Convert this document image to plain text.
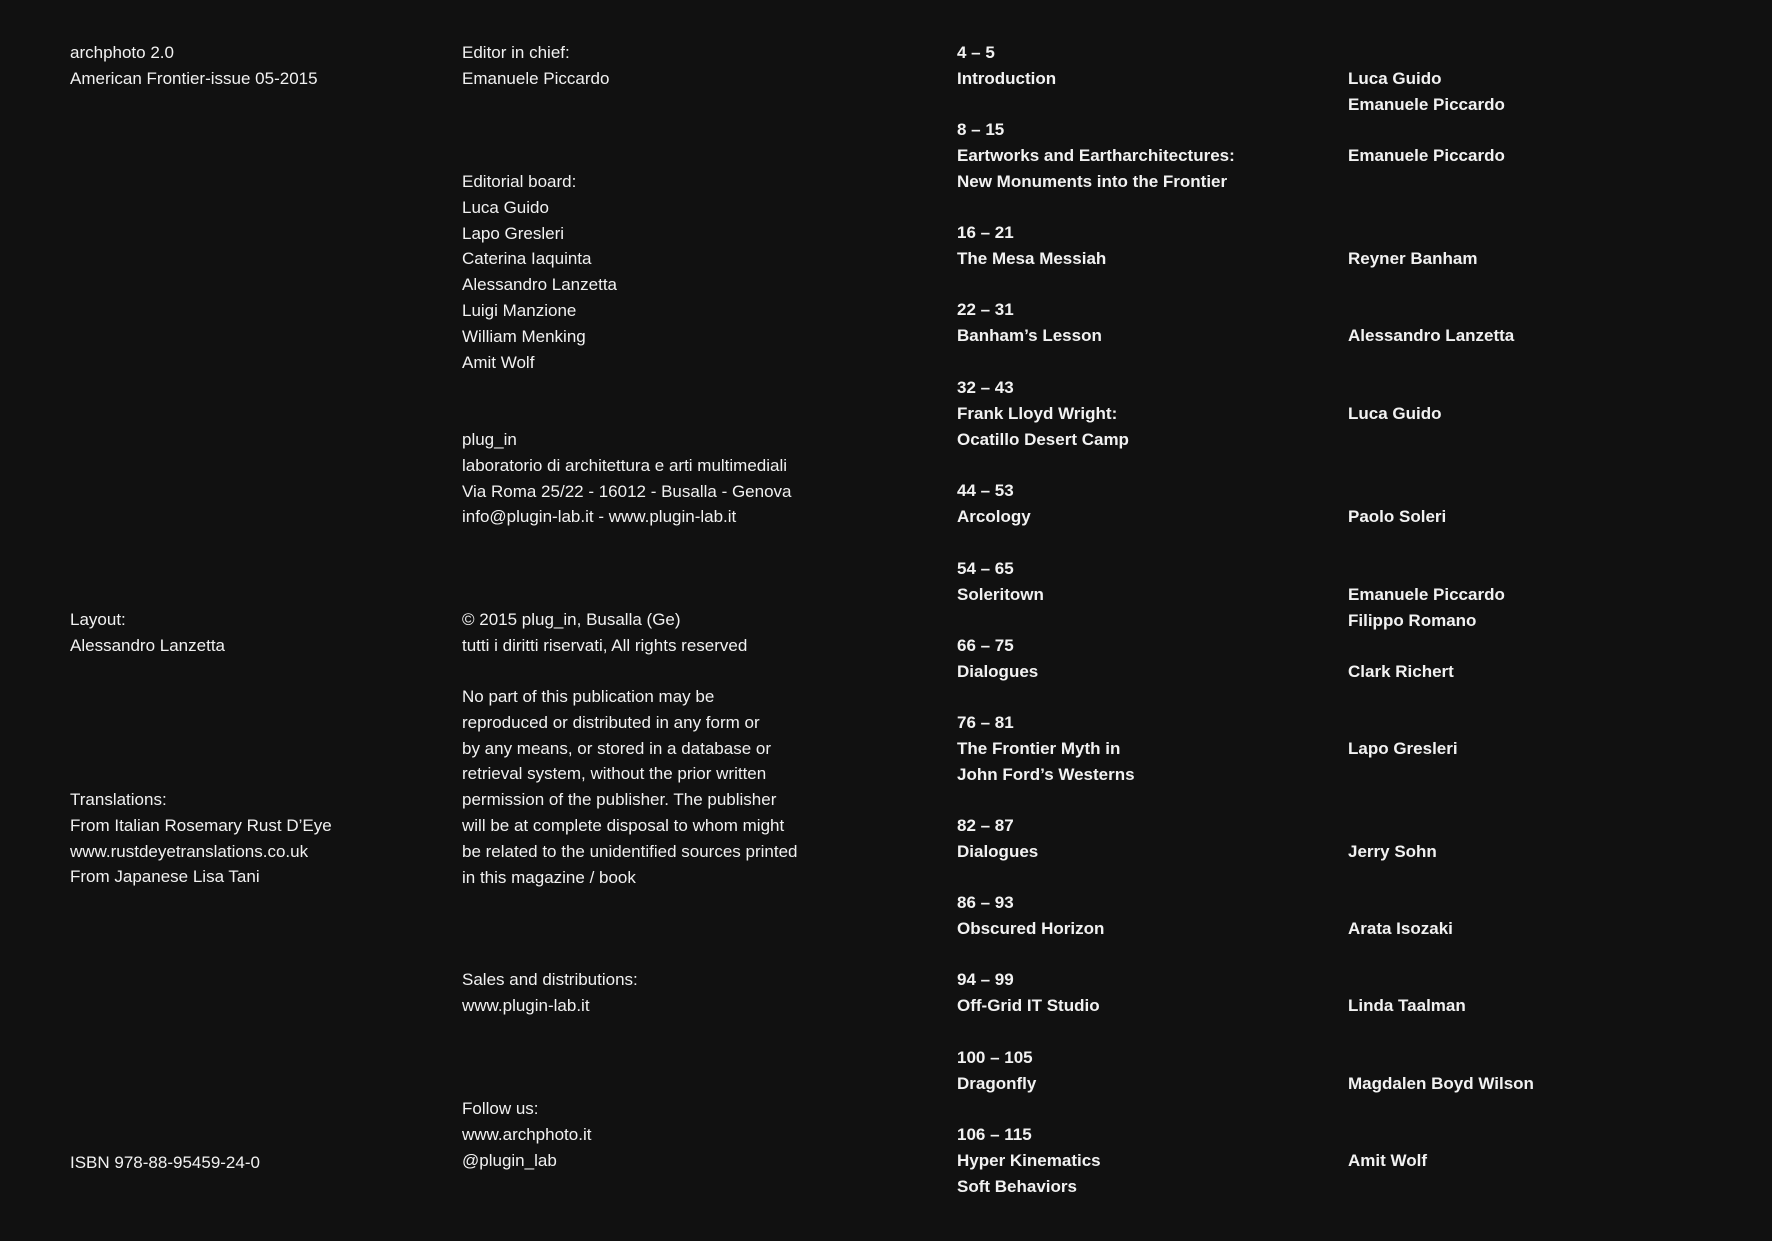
archphoto 2.0
American Frontier-issue 05-2015
Layout:
Alessandro Lanzetta
Translations:
From Italian Rosemary Rust D’Eye
www.rustdeyetranslations.co.uk
From Japanese Lisa Tani
ISBN 978-88-95459-24-0
Editor in chief:
Emanuele Piccardo
Editorial board:
Luca Guido
Lapo Gresleri
Caterina Iaquinta
Alessandro Lanzetta
Luigi Manzione
William Menking
Amit Wolf
plug_in
laboratorio di architettura e arti multimediali
Via Roma 25/22 - 16012 - Busalla - Genova
info@plugin-lab.it - www.plugin-lab.it
© 2015 plug_in, Busalla (Ge)
tutti i diritti riservati, All rights reserved
No part of this publication may be
reproduced or distributed in any form or
by any means, or stored in a database or
retrieval system, without the prior written
permission of the publisher. The publisher
will be at complete disposal to whom might
be related to the unidentified sources printed
in this magazine / book
Sales and distributions:
www.plugin-lab.it
Follow us:
www.archphoto.it
@plugin_lab
4 – 5
Introduction
8 – 15
Eartworks and Eartharchitectures:
New Monuments into the Frontier
16 – 21
The Mesa Messiah
22 – 31
Banham’s Lesson
32 – 43
Frank Lloyd Wright:
Ocatillo Desert Camp
44 – 53
Arcology
54 – 65
Soleritown
66 – 75
Dialogues
76 – 81
The Frontier Myth in
John Ford’s Westerns
82 – 87
Dialogues
86 – 93
Obscured Horizon
94 – 99
Off-Grid IT Studio
100 – 105
Dragonfly
106 – 115
Hyper Kinematics
Soft Behaviors
Luca Guido
Emanuele Piccardo
Emanuele Piccardo
Reyner Banham
Alessandro Lanzetta
Luca Guido
Paolo Soleri
Emanuele Piccardo
Filippo Romano
Clark Richert
Lapo Gresleri
Jerry Sohn
Arata Isozaki
Linda Taalman
Magdalen Boyd Wilson
Amit Wolf
